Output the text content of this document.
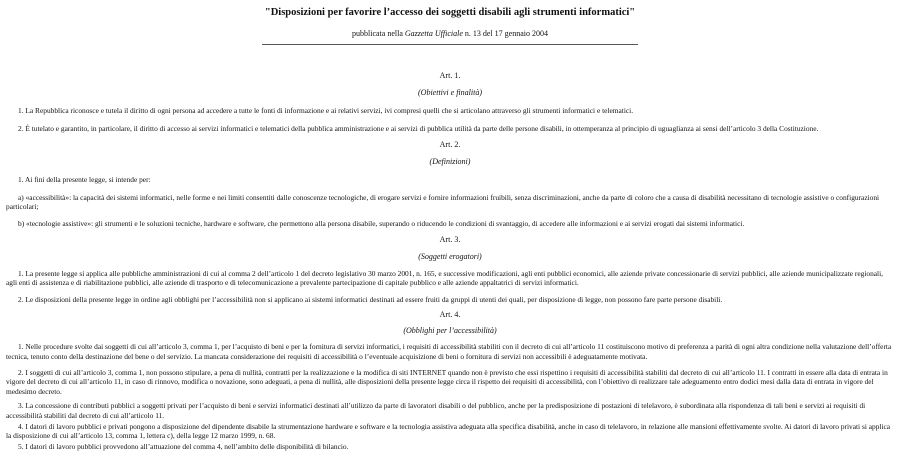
"Disposizioni per favorire l’accesso dei soggetti disabili agli strumenti informatici"
pubblicata nella Gazzetta Ufficiale n. 13 del 17 gennaio 2004
Art. 1.
(Obiettivi e finalità)
1. La Repubblica riconosce e tutela il diritto di ogni persona ad accedere a tutte le fonti di informazione e ai relativi servizi, ivi compresi quelli che si articolano attraverso gli strumenti informatici e telematici.
2. È tutelato e garantito, in particolare, il diritto di accesso ai servizi informatici e telematici della pubblica amministrazione e ai servizi di pubblica utilità da parte delle persone disabili, in ottemperanza al principio di uguaglianza ai sensi dell’articolo 3 della Costituzione.
Art. 2.
(Definizioni)
1. Ai fini della presente legge, si intende per:
a) «accessibilità»: la capacità dei sistemi informatici, nelle forme e nei limiti consentiti dalle conoscenze tecnologiche, di erogare servizi e fornire informazioni fruibili, senza discriminazioni, anche da parte di coloro che a causa di disabilità necessitano di tecnologie assistive o configurazioni particolari;
b) «tecnologie assistive»: gli strumenti e le soluzioni tecniche, hardware e software, che permettono alla persona disabile, superando o riducendo le condizioni di svantaggio, di accedere alle informazioni e ai servizi erogati dai sistemi informatici.
Art. 3.
(Soggetti erogatori)
1. La presente legge si applica alle pubbliche amministrazioni di cui al comma 2 dell’articolo 1 del decreto legislativo 30 marzo 2001, n. 165, e successive modificazioni, agli enti pubblici economici, alle aziende private concessionarie di servizi pubblici, alle aziende municipalizzate regionali, agli enti di assistenza e di riabilitazione pubblici, alle aziende di trasporto e di telecomunicazione a prevalente partecipazione di capitale pubblico e alle aziende appaltatrici di servizi informatici.
2. Le disposizioni della presente legge in ordine agli obblighi per l’accessibilità non si applicano ai sistemi informatici destinati ad essere fruiti da gruppi di utenti dei quali, per disposizione di legge, non possono fare parte persone disabili.
Art. 4.
(Obblighi per l’accessibilità)
1. Nelle procedure svolte dai soggetti di cui all’articolo 3, comma 1, per l’acquisto di beni e per la fornitura di servizi informatici, i requisiti di accessibilità stabiliti con il decreto di cui all’articolo 11 costituiscono motivo di preferenza a parità di ogni altra condizione nella valutazione dell’offerta tecnica, tenuto conto della destinazione del bene o del servizio. La mancata considerazione dei requisiti di accessibilità o l’eventuale acquisizione di beni o fornitura di servizi non accessibili è adeguatamente motivata.
2. I soggetti di cui all’articolo 3, comma 1, non possono stipulare, a pena di nullità, contratti per la realizzazione e la modifica di siti INTERNET quando non è previsto che essi rispettino i requisiti di accessibilità stabiliti dal decreto di cui all’articolo 11. I contratti in essere alla data di entrata in vigore del decreto di cui all’articolo 11, in caso di rinnovo, modifica o novazione, sono adeguati, a pena di nullità, alle disposizioni della presente legge circa il rispetto dei requisiti di accessibilità, con l’obiettivo di realizzare tale adeguamento entro dodici mesi dalla data di entrata in vigore del medesimo decreto.
3. La concessione di contributi pubblici a soggetti privati per l’acquisto di beni e servizi informatici destinati all’utilizzo da parte di lavoratori disabili o del pubblico, anche per la predisposizione di postazioni di telelavoro, è subordinata alla rispondenza di tali beni e servizi ai requisiti di accessibilità stabiliti dal decreto di cui all’articolo 11.
4. I datori di lavoro pubblici e privati pongono a disposizione del dipendente disabile la strumentazione hardware e software e la tecnologia assistiva adeguata alla specifica disabilità, anche in caso di telelavoro, in relazione alle mansioni effettivamente svolte. Ai datori di lavoro privati si applica la disposizione di cui all’articolo 13, comma 1, lettera c), della legge 12 marzo 1999, n. 68.
5. I datori di lavoro pubblici provvedono all’attuazione del comma 4, nell’ambito delle disponibilità di bilancio.
